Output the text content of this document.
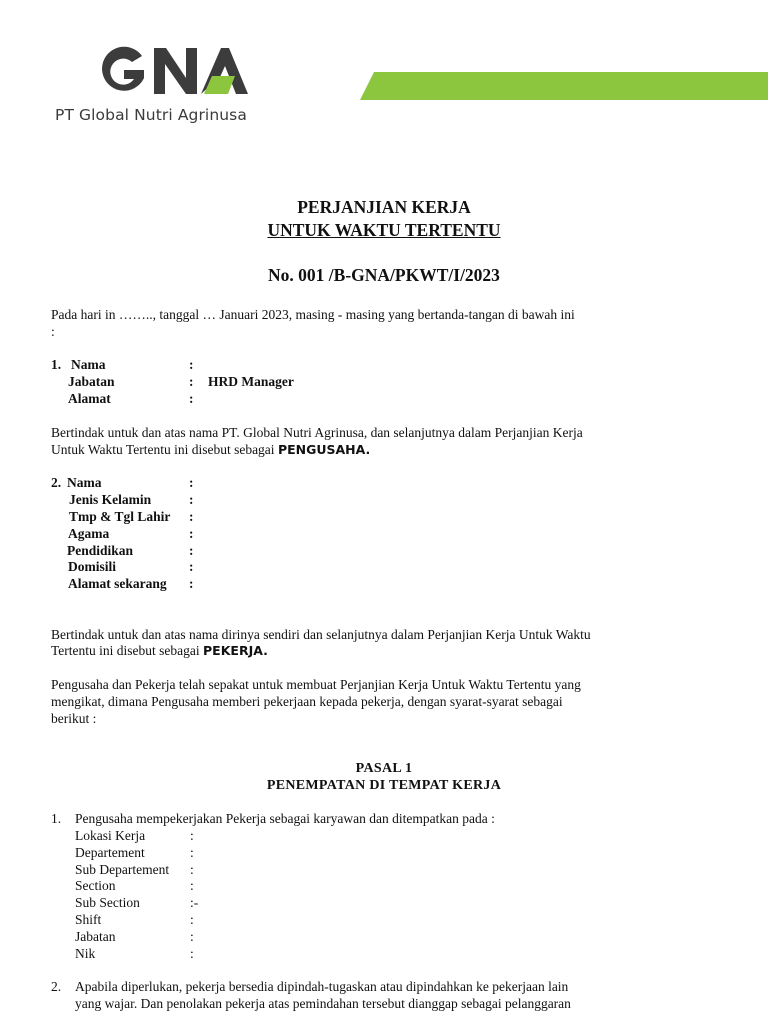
PT Global Nutri Agrinusa
PERJANJIAN KERJA
UNTUK WAKTU TERTENTU
No. 001 /B-GNA/PKWT/I/2023
Pada hari in …….., tanggal … Januari 2023, masing - masing yang bertanda-tangan di bawah ini
:
1. Nama	:
Jabatan	: HRD Manager
Alamat	:
Bertindak untuk dan atas nama PT. Global Nutri Agrinusa, dan selanjutnya dalam Perjanjian Kerja
Untuk Waktu Tertentu ini disebut sebagai PENGUSAHA.
2. Nama	:
Jenis Kelamin	:
Tmp & Tgl Lahir :
Agama	:
Pendidikan	:
Domisili	:
Alamat sekarang :
Bertindak untuk dan atas nama dirinya sendiri dan selanjutnya dalam Perjanjian Kerja Untuk Waktu
Tertentu ini disebut sebagai PEKERJA.
Pengusaha dan Pekerja telah sepakat untuk membuat Perjanjian Kerja Untuk Waktu Tertentu yang
mengikat, dimana Pengusaha memberi pekerjaan kepada pekerja, dengan syarat-syarat sebagai
berikut :
PASAL 1
PENEMPATAN DI TEMPAT KERJA
1. Pengusaha mempekerjakan Pekerja sebagai karyawan dan ditempatkan pada :
Lokasi Kerja	:
Departement	:
Sub Departement :
Section	:
Sub Section	:-
Shift	:
Jabatan	:
Nik	:
2. Apabila diperlukan, pekerja bersedia dipindah-tugaskan atau dipindahkan ke pekerjaan lain
yang wajar. Dan penolakan pekerja atas pemindahan tersebut dianggap sebagai pelanggaran
